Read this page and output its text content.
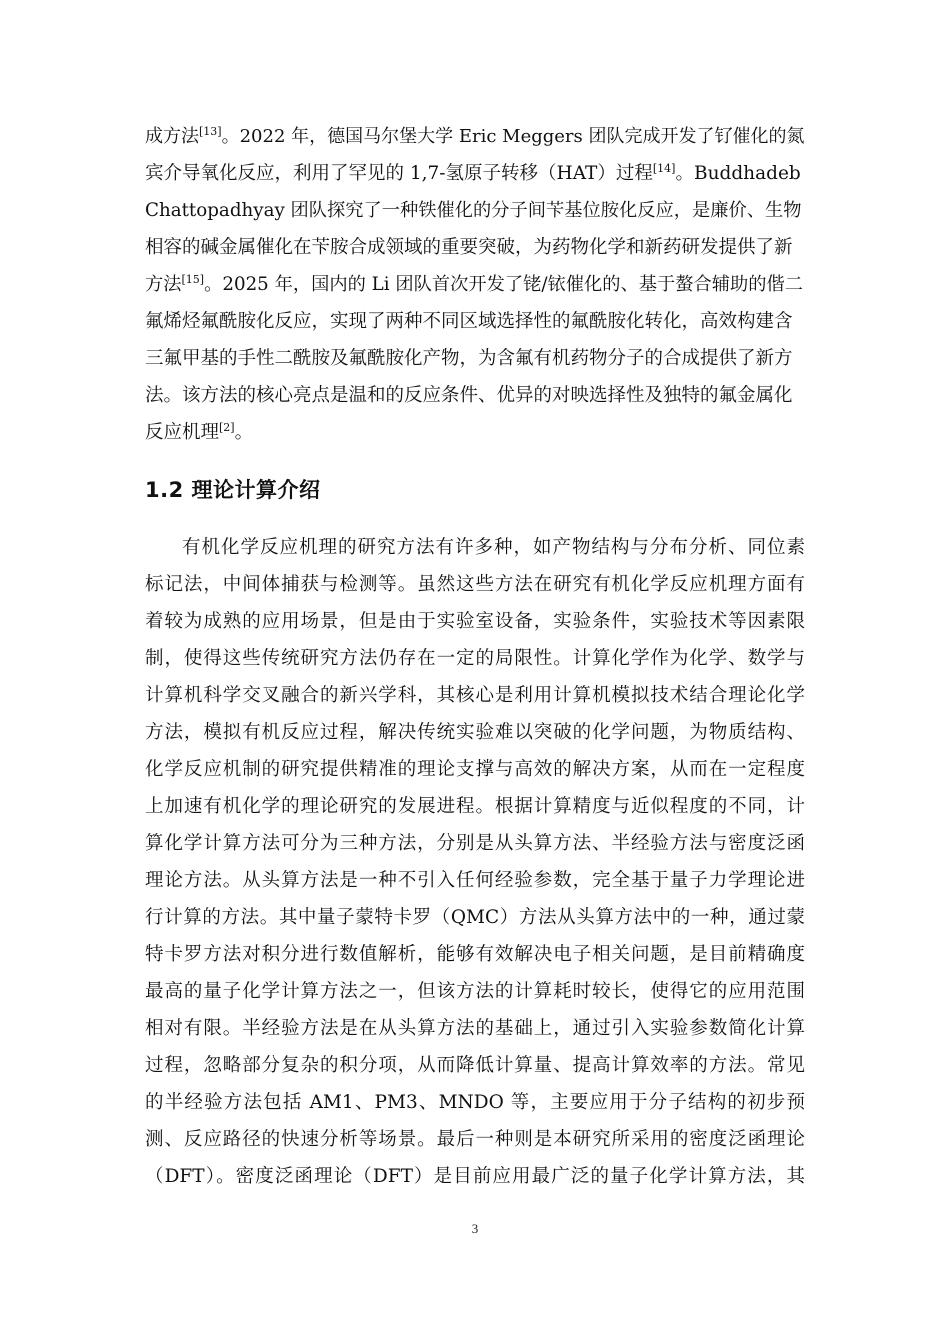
成方法[13]。2022 年，德国马尔堡大学 Eric Meggers 团队完成开发了钌催化的氮
宾介导氧化反应，利用了罕见的 1,7-氢原子转移（HAT）过程[14]。Buddhadeb
Chattopadhyay 团队探究了一种铁催化的分子间苄基位胺化反应，是廉价、生物
相容的碱金属催化在苄胺合成领域的重要突破，为药物化学和新药研发提供了新
方法[15]。2025 年，国内的 Li 团队首次开发了铑/铱催化的、基于螯合辅助的偕二
氟烯烃氟酰胺化反应，实现了两种不同区域选择性的氟酰胺化转化，高效构建含
三氟甲基的手性二酰胺及氟酰胺化产物，为含氟有机药物分子的合成提供了新方
法。该方法的核心亮点是温和的反应条件、优异的对映选择性及独特的氟金属化
反应机理[2]。
1.2 理论计算介绍
有机化学反应机理的研究方法有许多种，如产物结构与分布分析、同位素
标记法，中间体捕获与检测等。虽然这些方法在研究有机化学反应机理方面有
着较为成熟的应用场景，但是由于实验室设备，实验条件，实验技术等因素限
制，使得这些传统研究方法仍存在一定的局限性。计算化学作为化学、数学与
计算机科学交叉融合的新兴学科，其核心是利用计算机模拟技术结合理论化学
方法，模拟有机反应过程，解决传统实验难以突破的化学问题，为物质结构、
化学反应机制的研究提供精准的理论支撑与高效的解决方案，从而在一定程度
上加速有机化学的理论研究的发展进程。根据计算精度与近似程度的不同，计
算化学计算方法可分为三种方法，分别是从头算方法、半经验方法与密度泛函
理论方法。从头算方法是一种不引入任何经验参数，完全基于量子力学理论进
行计算的方法。其中量子蒙特卡罗（QMC）方法从头算方法中的一种，通过蒙
特卡罗方法对积分进行数值解析，能够有效解决电子相关问题，是目前精确度
最高的量子化学计算方法之一，但该方法的计算耗时较长，使得它的应用范围
相对有限。半经验方法是在从头算方法的基础上，通过引入实验参数简化计算
过程，忽略部分复杂的积分项，从而降低计算量、提高计算效率的方法。常见
的半经验方法包括 AM1、PM3、MNDO 等，主要应用于分子结构的初步预
测、反应路径的快速分析等场景。最后一种则是本研究所采用的密度泛函理论
（DFT）。密度泛函理论（DFT）是目前应用最广泛的量子化学计算方法，其
3
